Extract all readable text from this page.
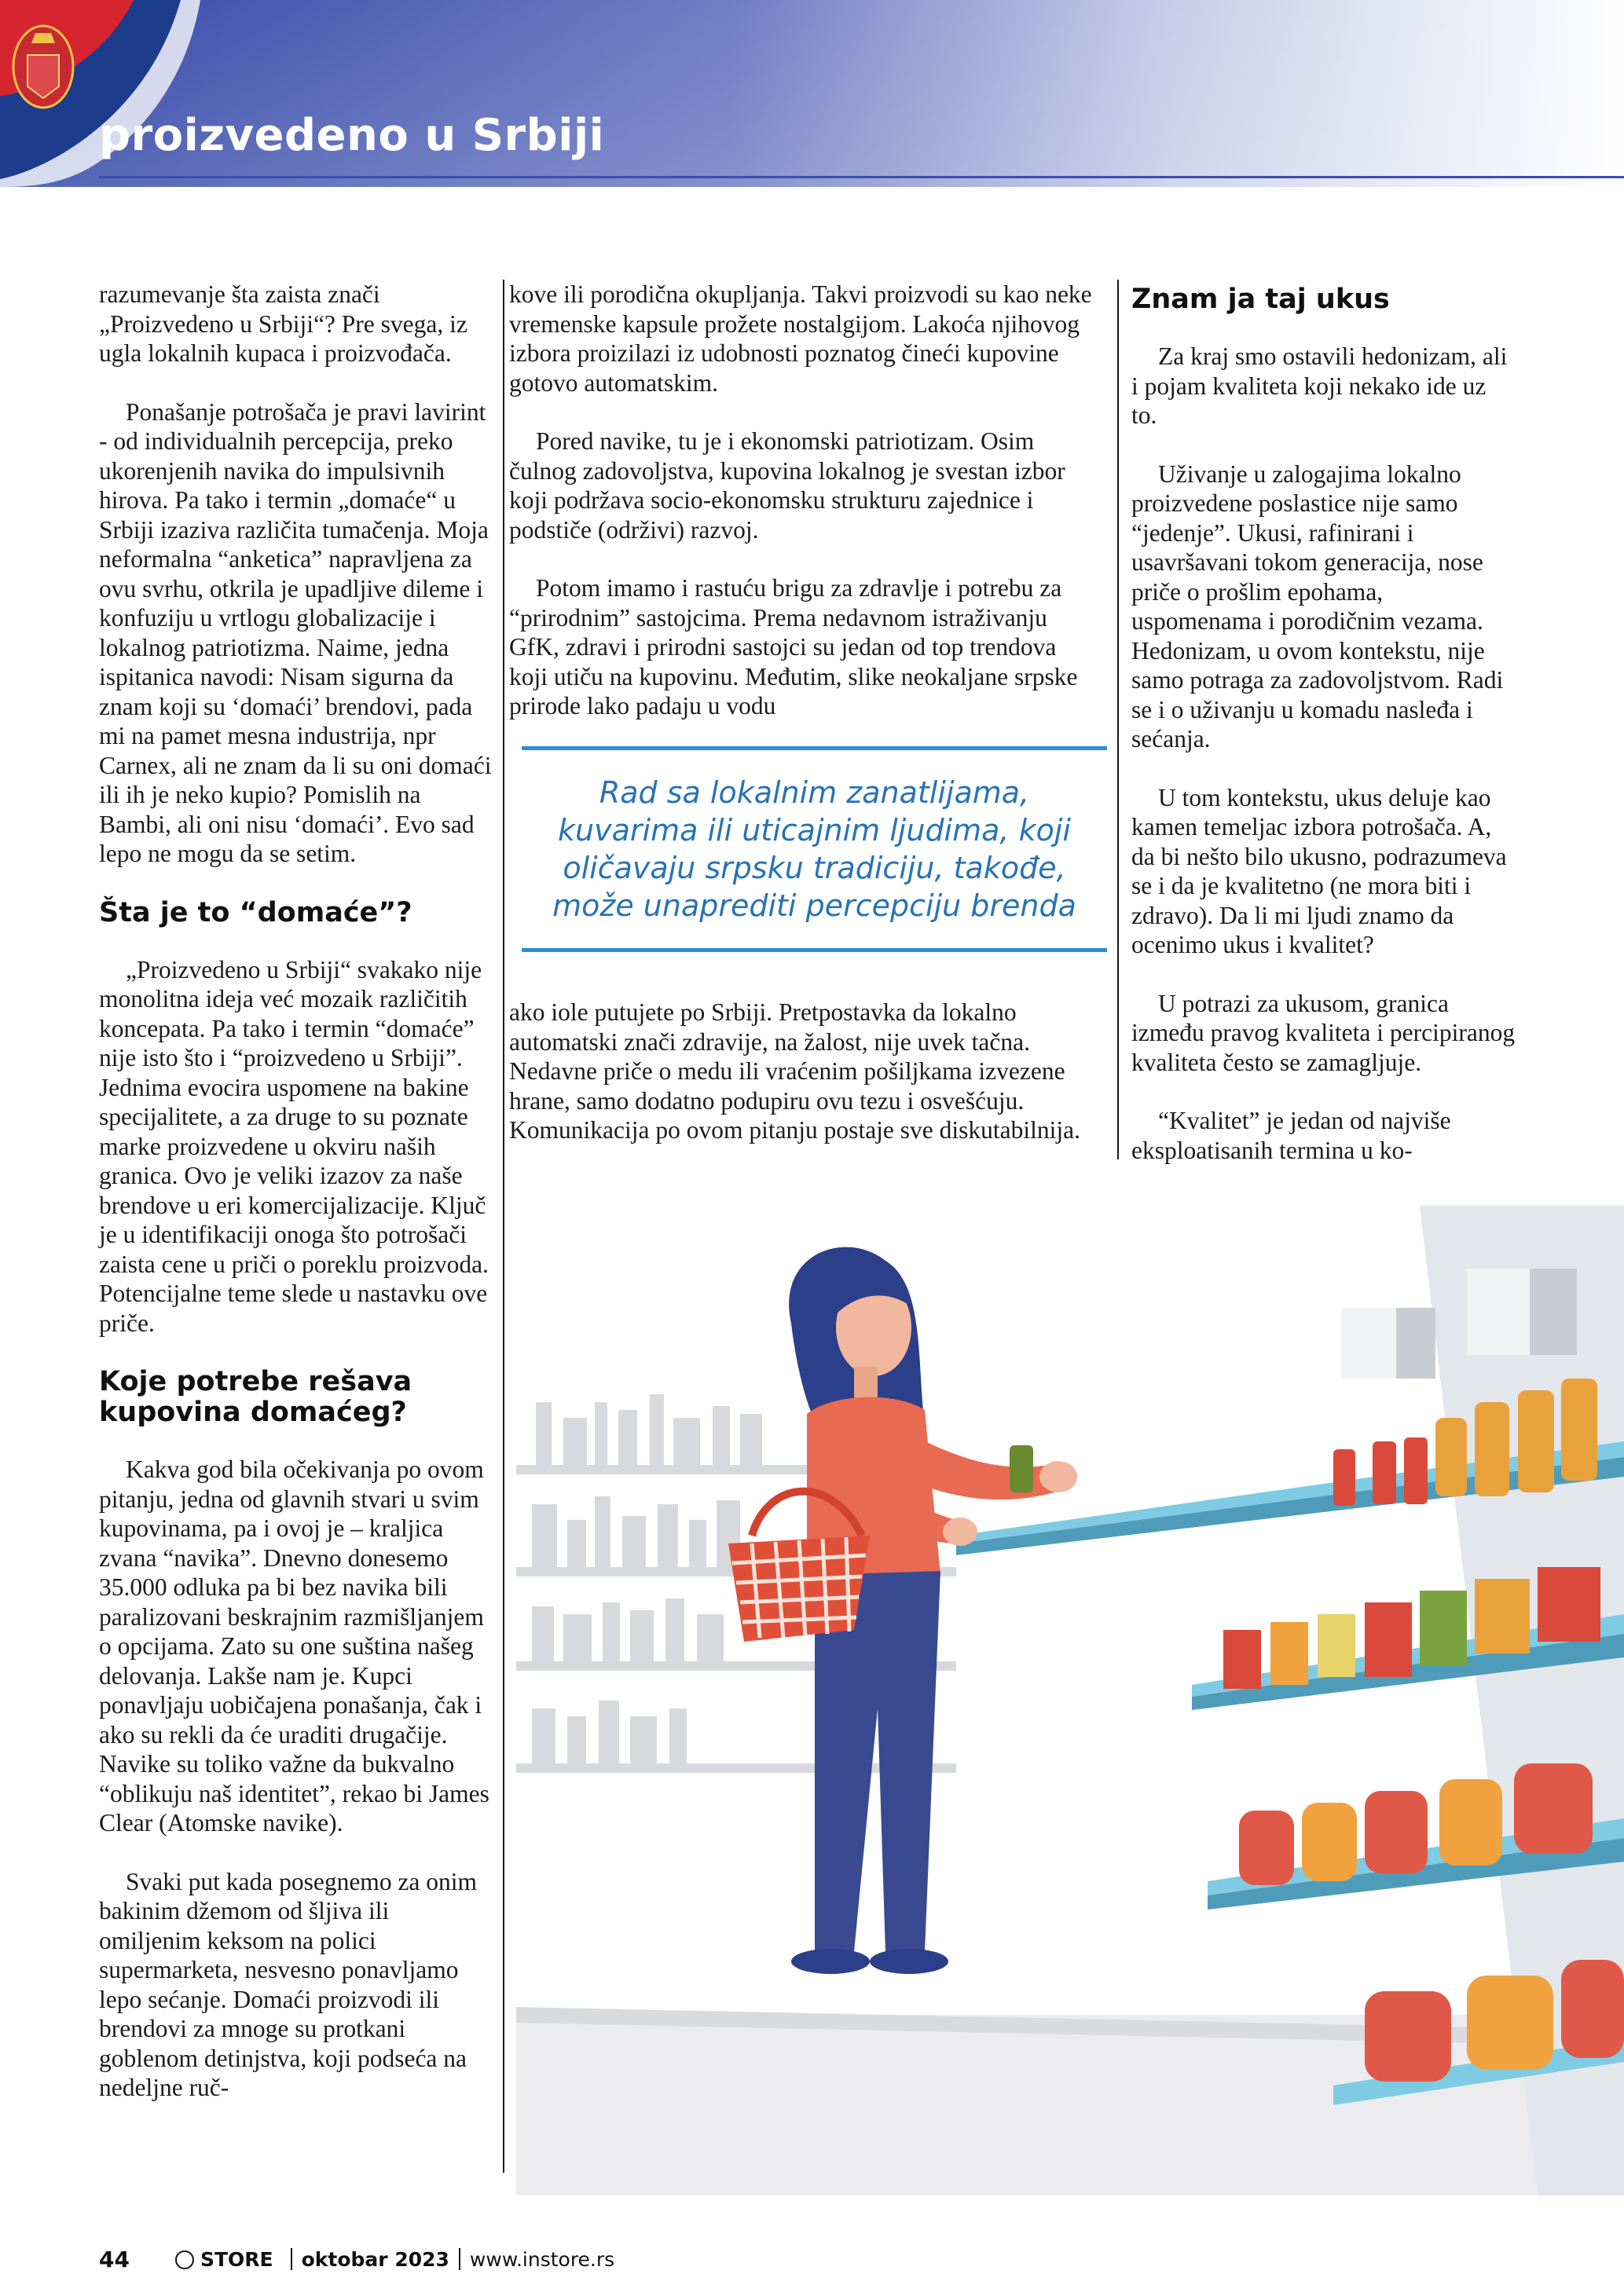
proizvedeno u Srbiji

razumevanje šta zaista znači „Proizvedeno u Srbiji“? Pre svega, iz ugla lokalnih kupaca i proizvođača.

Ponašanje potrošača je pravi lavirint - od individualnih percepcija, preko ukorenjenih navika do impulsivnih hirova. Pa tako i termin „domaće“ u Srbiji izaziva različita tumačenja. Moja neformalna “anketica” napravljena za ovu svrhu, otkrila je upadljive dileme i konfuziju u vrtlogu globalizacije i lokalnog patriotizma. Naime, jedna ispitanica navodi: Nisam sigurna da znam koji su ‘domaći’ brendovi, pada mi na pamet mesna industrija, npr Carnex, ali ne znam da li su oni domaći ili ih je neko kupio? Pomislih na Bambi, ali oni nisu ‘domaći’. Evo sad lepo ne mogu da se setim.

Šta je to “domaće”?

„Proizvedeno u Srbiji“ svakako nije monolitna ideja već mozaik različitih koncepata. Pa tako i termin “domaće” nije isto što i “proizvedeno u Srbiji”. Jednima evocira uspomene na bakine specijalitete, a za druge to su poznate marke proizvedene u okviru naših granica. Ovo je veliki izazov za naše brendove u eri komercijalizacije. Ključ je u identifikaciji onoga što potrošači zaista cene u priči o poreklu proizvoda. Potencijalne teme slede u nastavku ove priče.

Koje potrebe rešava kupovina domaćeg?

Kakva god bila očekivanja po ovom pitanju, jedna od glavnih stvari u svim kupovinama, pa i ovoj je – kraljica zvana “navika”. Dnevno donesemo 35.000 odluka pa bi bez navika bili paralizovani beskrajnim razmišljanjem o opcijama. Zato su one suština našeg delovanja. Lakše nam je. Kupci ponavljaju uobičajena ponašanja, čak i ako su rekli da će uraditi drugačije. Navike su toliko važne da bukvalno “oblikuju naš identitet”, rekao bi James Clear (Atomske navike).

Svaki put kada posegnemo za onim bakinim džemom od šljiva ili omiljenim keksom na polici supermarketa, nesvesno ponavljamo lepo sećanje. Domaći proizvodi ili brendovi za mnoge su protkani goblenom detinjstva, koji podseća na nedeljne ruč-

kove ili porodična okupljanja. Takvi proizvodi su kao neke vremenske kapsule prožete nostalgijom. Lakoća njihovog izbora proizilazi iz udobnosti poznatog čineći kupovine gotovo automatskim.

Pored navike, tu je i ekonomski patriotizam. Osim čulnog zadovoljstva, kupovina lokalnog je svestan izbor koji podržava socio-ekonomsku strukturu zajednice i podstiče (održivi) razvoj.

Potom imamo i rastuću brigu za zdravlje i potrebu za “prirodnim” sastojcima. Prema nedavnom istraživanju GfK, zdravi i prirodni sastojci su jedan od top trendova koji utiču na kupovinu. Međutim, slike neokaljane srpske prirode lako padaju u vodu

Rad sa lokalnim zanatlijama, kuvarima ili uticajnim ljudima, koji oličavaju srpsku tradiciju, takođe, može unaprediti percepciju brenda

ako iole putujete po Srbiji. Pretpostavka da lokalno automatski znači zdravije, na žalost, nije uvek tačna. Nedavne priče o medu ili vraćenim pošiljkama izvezene hrane, samo dodatno podupiru ovu tezu i osvešćuju. Komunikacija po ovom pitanju postaje sve diskutabilnija.

Znam ja taj ukus

Za kraj smo ostavili hedonizam, ali i pojam kvaliteta koji nekako ide uz to.

Uživanje u zalogajima lokalno proizvedene poslastice nije samo “jedenje”. Ukusi, rafinirani i usavršavani tokom generacija, nose priče o prošlim epohama, uspomenama i porodičnim vezama. Hedonizam, u ovom kontekstu, nije samo potraga za zadovoljstvom. Radi se i o uživanju u komadu nasleđa i sećanja.

U tom kontekstu, ukus deluje kao kamen temeljac izbora potrošača. A, da bi nešto bilo ukusno, podrazumeva se i da je kvalitetno (ne mora biti i zdravo). Da li mi ljudi znamo da ocenimo ukus i kvalitet?

U potrazi za ukusom, granica između pravog kvaliteta i percipiranog kvaliteta često se zamagljuje.

“Kvalitet” je jedan od najviše eksploatisanih termina u ko-

44	STORE oktobar 2023 www.instore.rs
